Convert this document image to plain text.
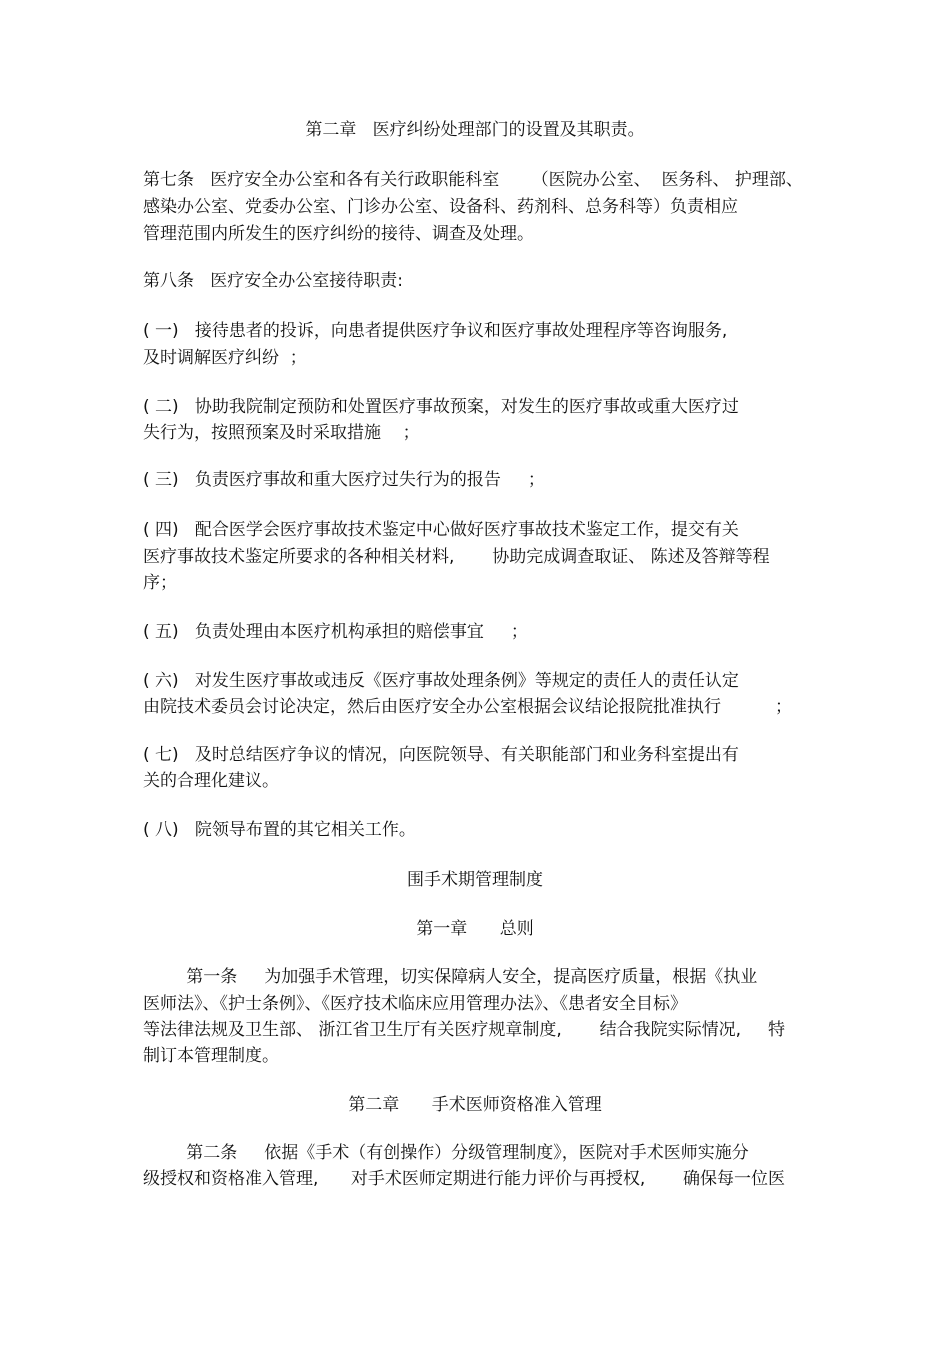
第二章   医疗纠纷处理部门的设置及其职责。
第七条   医疗安全办公室和各有关行政职能科室      （医院办公室、  医务科、 护理部、
感染办公室、党委办公室、门诊办公室、设备科、药剂科、总务科等）负责相应
管理范围内所发生的医疗纠纷的接待、调查及处理。
第八条   医疗安全办公室接待职责:
( 一)   接待患者的投诉，向患者提供医疗争议和医疗事故处理程序等咨询服务,
及时调解医疗纠纷  ；
( 二)   协助我院制定预防和处置医疗事故预案，对发生的医疗事故或重大医疗过
失行为，按照预案及时采取措施    ；
( 三)   负责医疗事故和重大医疗过失行为的报告     ；
( 四)   配合医学会医疗事故技术鉴定中心做好医疗事故技术鉴定工作，提交有关
医疗事故技术鉴定所要求的各种相关材料,       协助完成调查取证、 陈述及答辩等程
序；
( 五)   负责处理由本医疗机构承担的赔偿事宜     ；
( 六)   对发生医疗事故或违反《医疗事故处理条例》等规定的责任人的责任认定
由院技术委员会讨论决定，然后由医疗安全办公室根据会议结论报院批准执行          ；
( 七)   及时总结医疗争议的情况，向医院领导、有关职能部门和业务科室提出有
关的合理化建议。
( 八)   院领导布置的其它相关工作。
围手术期管理制度
第一章      总则
第一条     为加强手术管理，切实保障病人安全，提高医疗质量，根据《执业
医师法》、《护士条例》、《医疗技术临床应用管理办法》、《患者安全目标》
等法律法规及卫生部、 浙江省卫生厅有关医疗规章制度,       结合我院实际情况,     特
制订本管理制度。
第二章      手术医师资格准入管理
第二条     依据《手术（有创操作）分级管理制度》，医院对手术医师实施分
级授权和资格准入管理,      对手术医师定期进行能力评价与再授权,       确保每一位医
